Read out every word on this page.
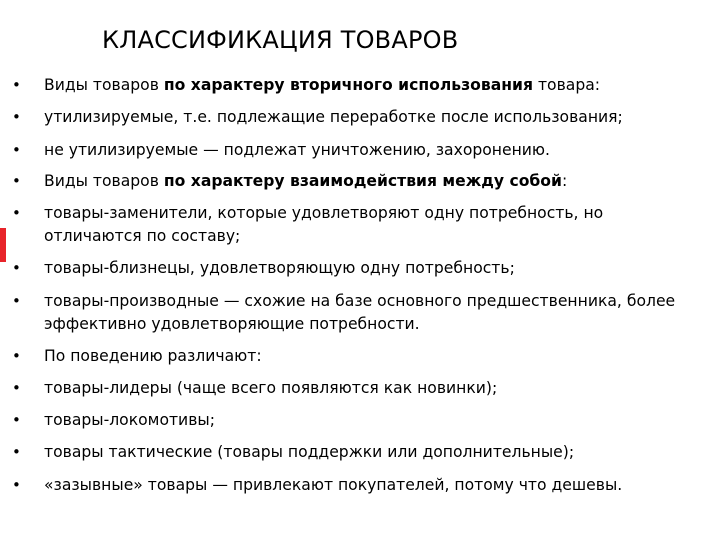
КЛАССИФИКАЦИЯ ТОВАРОВ
• Виды товаров по характеру вторичного использования товара:
• утилизируемые, т.е. подлежащие переработке после использования;
• не утилизируемые — подлежат уничтожению, захоронению.
• Виды товаров по характеру взаимодействия между собой:
• товары-заменители, которые удовлетворяют одну потребность, но отличаются по составу;
• товары-близнецы, удовлетворяющую одну потребность;
• товары-производные — схожие на базе основного предшественника, более эффективно удовлетворяющие потребности.
• По поведению различают:
• товары-лидеры (чаще всего появляются как новинки);
• товары-локомотивы;
• товары тактические (товары поддержки или дополнительные);
• «зазывные» товары — привлекают покупателей, потому что дешевы.
